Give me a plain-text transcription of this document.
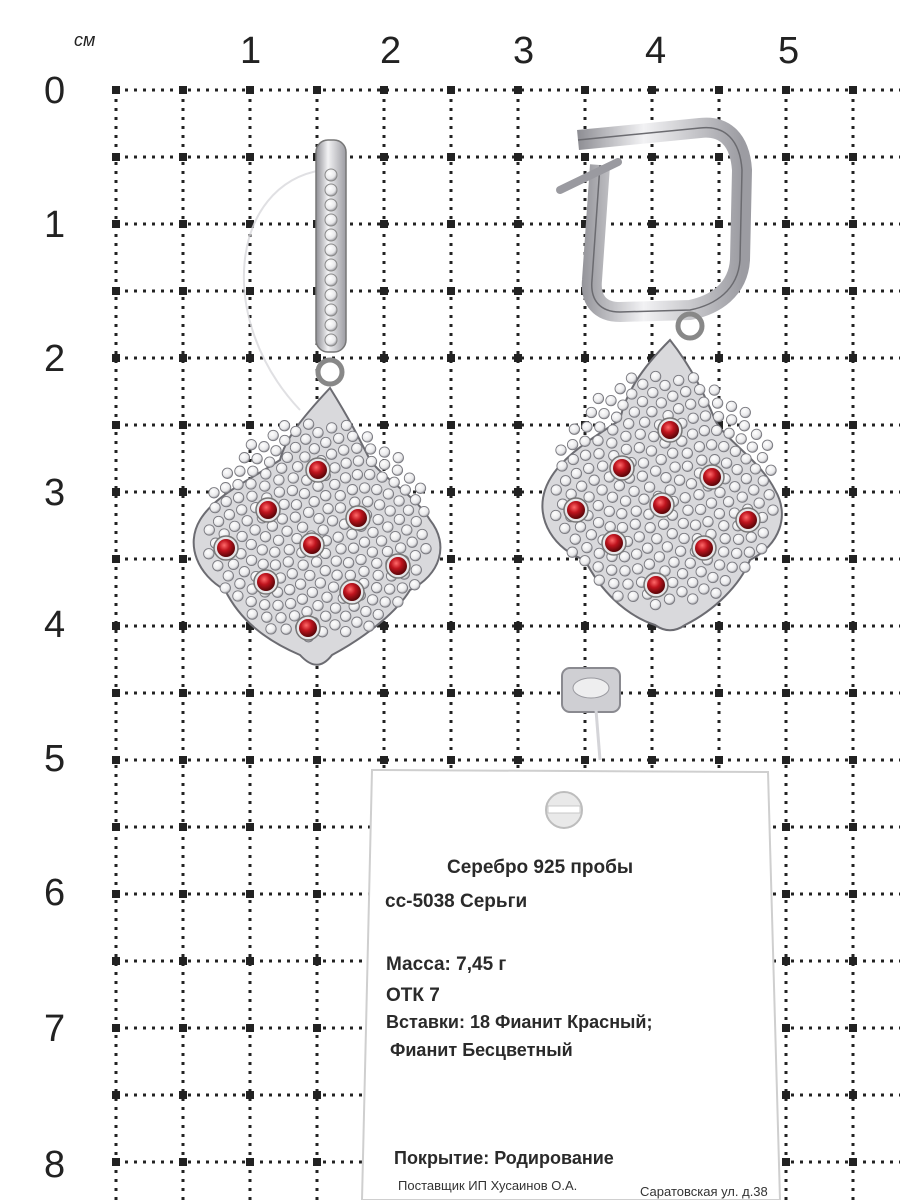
см	1	2	3	4	5
0
1
2
3
4
5
6
7
8
Серебро 925 пробы
сс-5038 Серьги
Масса: 7,45 г
ОТК 7
Вставки: 18 Фианит Красный;
Фианит Бесцветный
Покрытие: Родирование
Поставщик ИП Хусаинов О.А.	Саратовская ул. д.38
